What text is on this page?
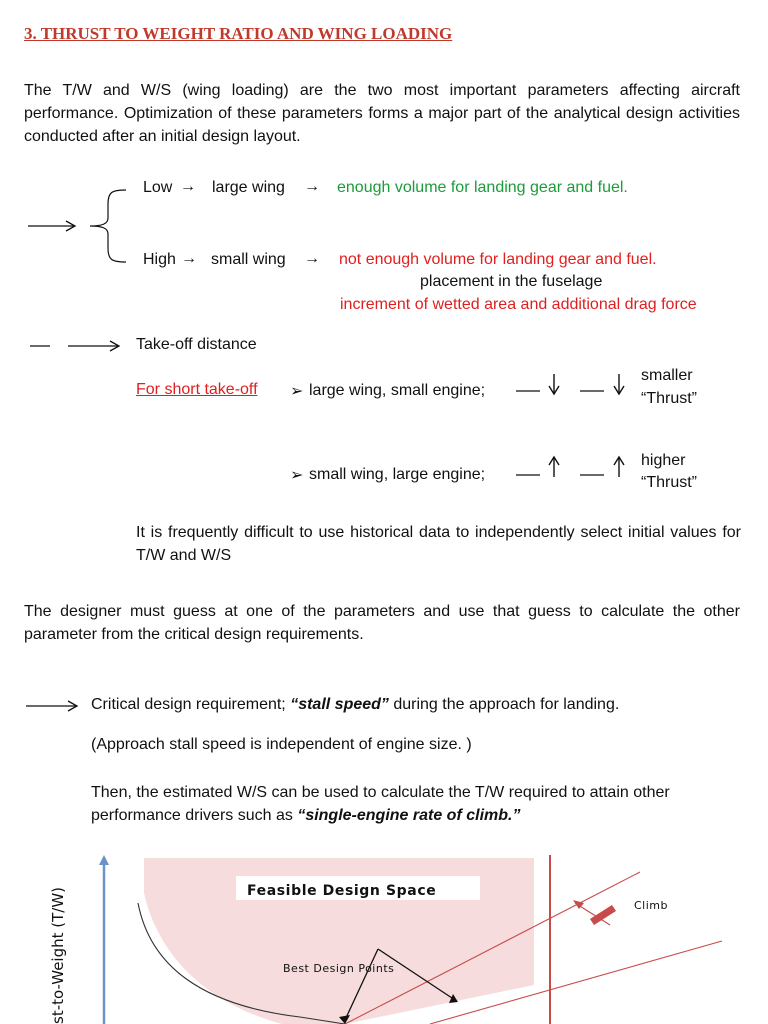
3. THRUST TO WEIGHT RATIO AND WING LOADING
The T/W and W/S (wing loading) are the two most important parameters affecting aircraft performance. Optimization of these parameters forms a major part of the analytical design activities conducted after an initial design layout.
Low → large wing → enough volume for landing gear and fuel.
High → small wing → not enough volume for landing gear and fuel.
placement in the fuselage
increment of wetted area and additional drag force
Take-off distance
For short take-off ➢ large wing, small engine;
smaller
“Thrust”
➢ small wing, large engine;
higher
“Thrust”
It is frequently difficult to use historical data to independently select initial values for T/W and W/S
The designer must guess at one of the parameters and use that guess to calculate the other parameter from the critical design requirements.
Critical design requirement; “stall speed” during the approach for landing.
(Approach stall speed is independent of engine size. )
Then, the estimated W/S can be used to calculate the T/W required to attain other performance drivers such as “single-engine rate of climb.”
Feasible Design Space
Climb
Best Design Points
st-to-Weight (T/W)
